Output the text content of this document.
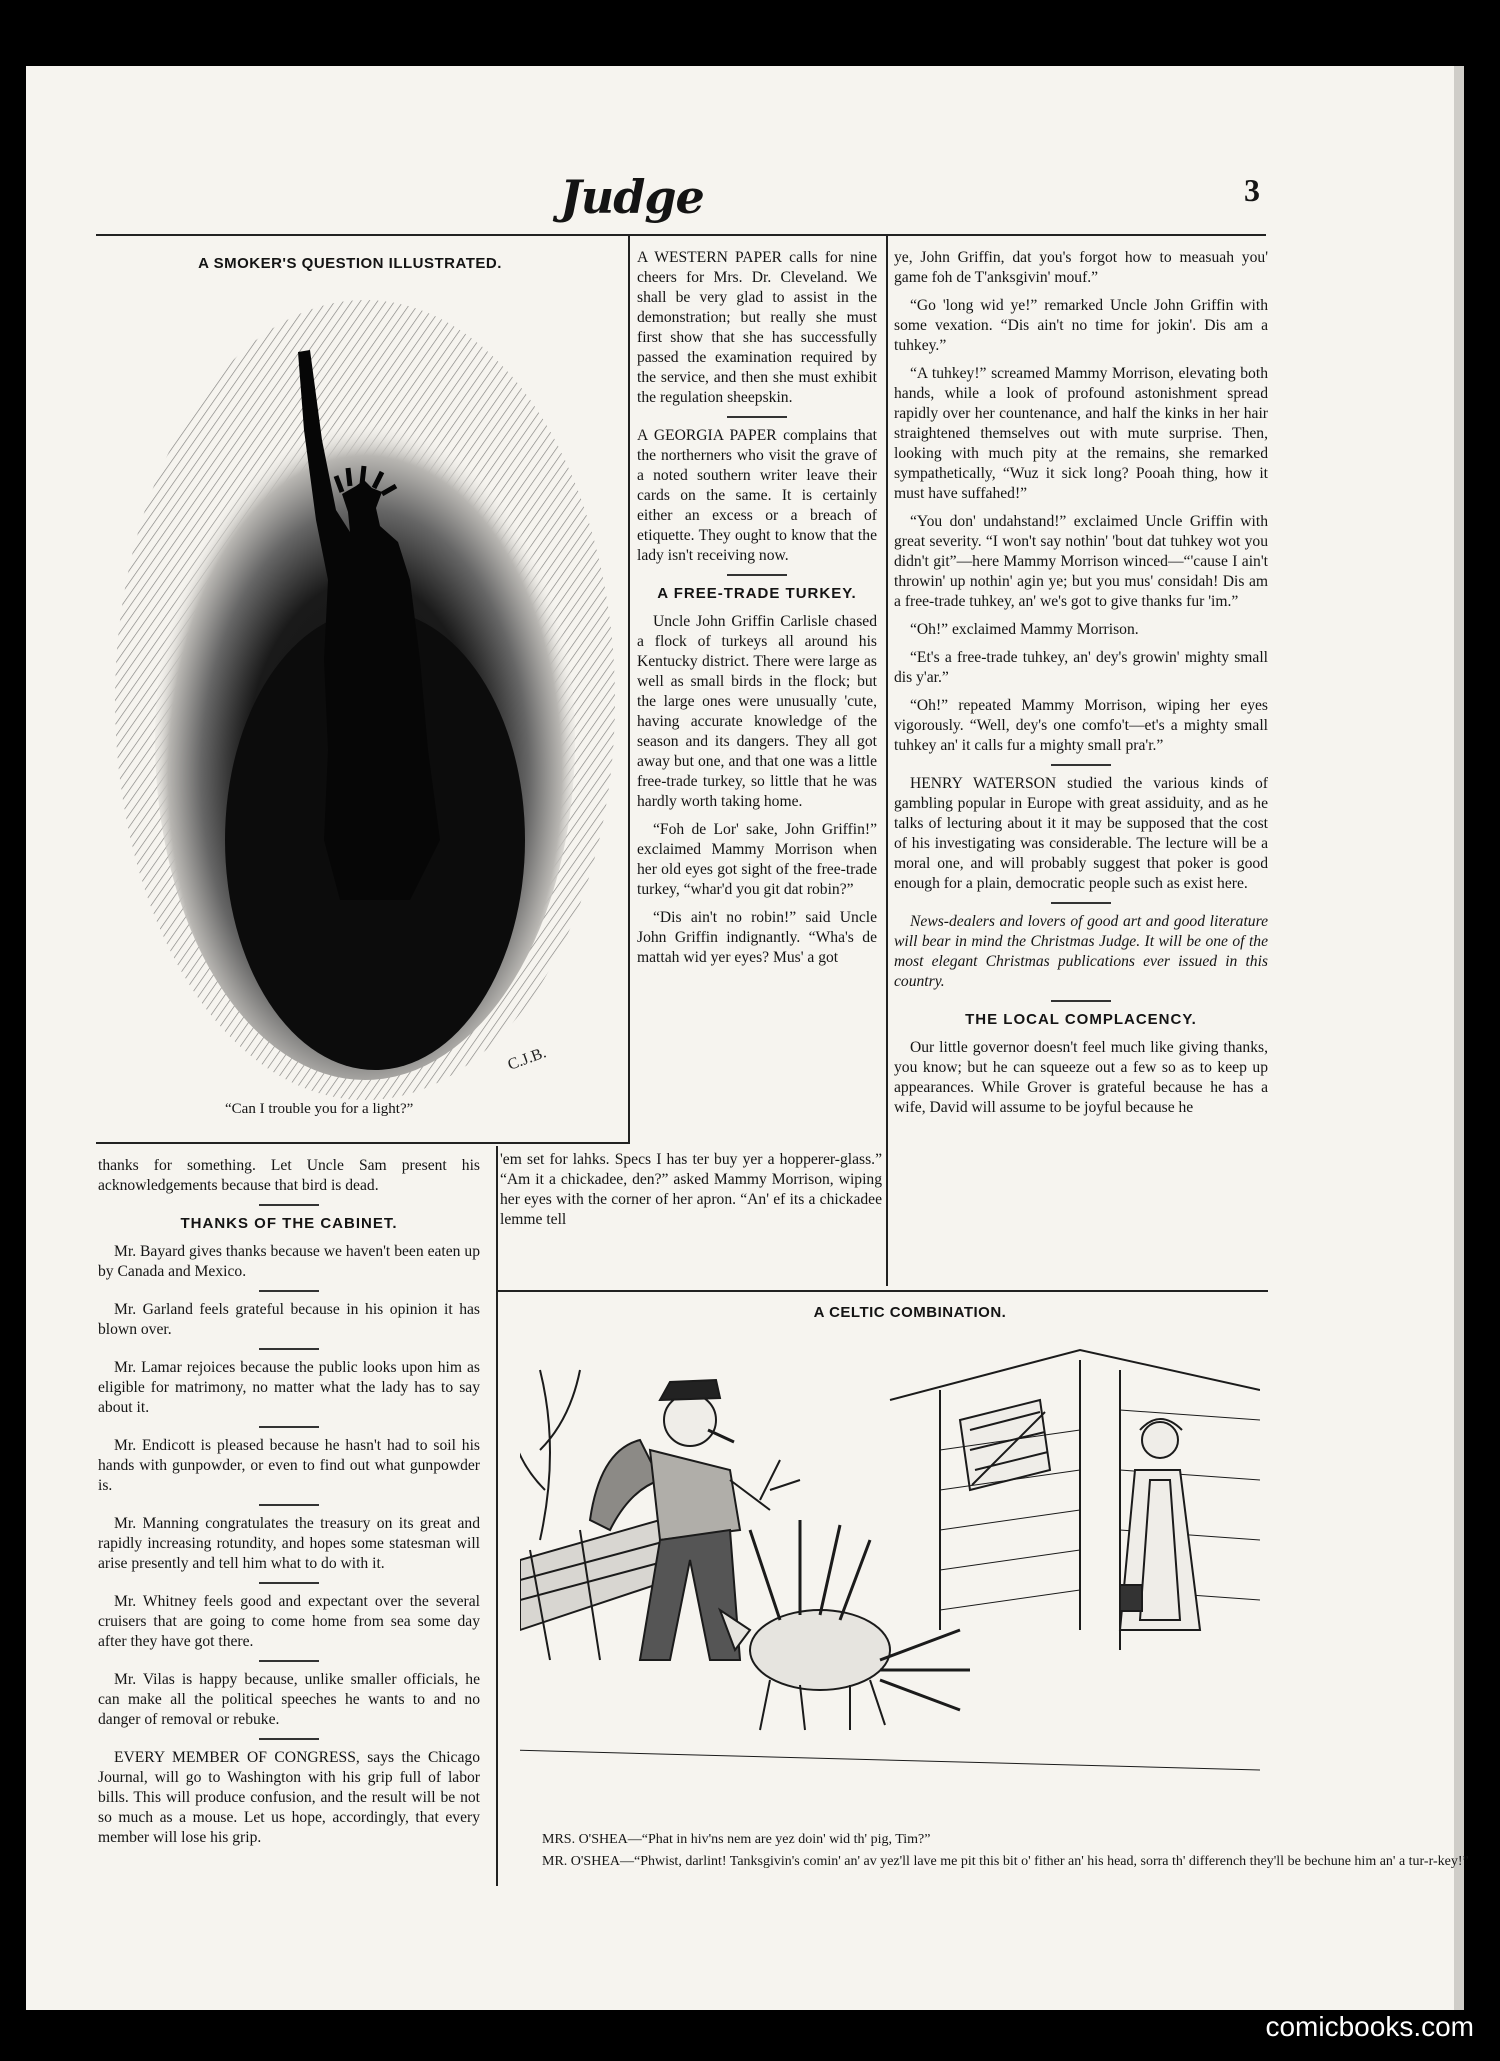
Judge	3
A SMOKER'S QUESTION ILLUSTRATED.
C.J.B.
“Can I trouble you for a light?”

A WESTERN PAPER calls for nine cheers for Mrs. Dr. Cleveland. We shall be very glad to assist in the demonstration; but really she must first show that she has successfully passed the examination required by the service, and then she must exhibit the regulation sheepskin.

A GEORGIA PAPER complains that the northerners who visit the grave of a noted southern writer leave their cards on the same. It is certainly either an excess or a breach of etiquette. They ought to know that the lady isn't receiving now.

A FREE-TRADE TURKEY.

Uncle John Griffin Carlisle chased a flock of turkeys all around his Kentucky district. There were large as well as small birds in the flock; but the large ones were unusually 'cute, having accurate knowledge of the season and its dangers. They all got away but one, and that one was a little free-trade turkey, so little that he was hardly worth taking home.

“Foh de Lor' sake, John Griffin!” exclaimed Mammy Morrison when her old eyes got sight of the free-trade turkey, “whar'd you git dat robin?”

“Dis ain't no robin!” said Uncle John Griffin indignantly. “Wha's de mattah wid yer eyes? Mus' a got

ye, John Griffin, dat you's forgot how to measuah you' game foh de T'anksgivin' mouf.”

“Go 'long wid ye!” remarked Uncle John Griffin with some vexation. “Dis ain't no time for jokin'. Dis am a tuhkey.”

“A tuhkey!” screamed Mammy Morrison, elevating both hands, while a look of profound astonishment spread rapidly over her countenance, and half the kinks in her hair straightened themselves out with mute surprise. Then, looking with much pity at the remains, she remarked sympathetically, “Wuz it sick long? Pooah thing, how it must have suffahed!”

“You don' undahstand!” exclaimed Uncle Griffin with great severity. “I won't say nothin' 'bout dat tuhkey wot you didn't git”—here Mammy Morrison winced—“'cause I ain't throwin' up nothin' agin ye; but you mus' considah! Dis am a free-trade tuhkey, an' we's got to give thanks fur 'im.”

“Oh!” exclaimed Mammy Morrison.

“Et's a free-trade tuhkey, an' dey's growin' mighty small dis y'ar.”

“Oh!” repeated Mammy Morrison, wiping her eyes vigorously. “Well, dey's one comfo't—et's a mighty small tuhkey an' it calls fur a mighty small pra'r.”

HENRY WATERSON studied the various kinds of gambling popular in Europe with great assiduity, and as he talks of lecturing about it it may be supposed that the cost of his investigating was considerable. The lecture will be a moral one, and will probably suggest that poker is good enough for a plain, democratic people such as exist here.

News-dealers and lovers of good art and good literature will bear in mind the Christmas Judge. It will be one of the most elegant Christmas publications ever issued in this country.

THE LOCAL COMPLACENCY.

Our little governor doesn't feel much like giving thanks, you know; but he can squeeze out a few so as to keep up appearances. While Grover is grateful because he has a wife, David will assume to be joyful because he

thanks for something. Let Uncle Sam present his acknowledgements because that bird is dead.

THANKS OF THE CABINET.

Mr. Bayard gives thanks because we haven't been eaten up by Canada and Mexico.

Mr. Garland feels grateful because in his opinion it has blown over.

Mr. Lamar rejoices because the public looks upon him as eligible for matrimony, no matter what the lady has to say about it.

Mr. Endicott is pleased because he hasn't had to soil his hands with gunpowder, or even to find out what gunpowder is.

Mr. Manning congratulates the treasury on its great and rapidly increasing rotundity, and hopes some statesman will arise presently and tell him what to do with it.

Mr. Whitney feels good and expectant over the several cruisers that are going to come home from sea some day after they have got there.

Mr. Vilas is happy because, unlike smaller officials, he can make all the political speeches he wants to and no danger of removal or rebuke.

EVERY MEMBER OF CONGRESS, says the Chicago Journal, will go to Washington with his grip full of labor bills. This will produce confusion, and the result will be not so much as a mouse. Let us hope, accordingly, that every member will lose his grip.

'em set for lahks. Specs I has ter buy yer a hopperer-glass.” “Am it a chickadee, den?” asked Mammy Morrison, wiping her eyes with the corner of her apron. “An' ef its a chickadee lemme tell

A CELTIC COMBINATION.
MRS. O'SHEA—“Phat in hiv'ns nem are yez doin' wid th' pig, Tim?”
MR. O'SHEA—“Phwist, darlint! Tanksgivin's comin' an' av yez'll lave me pit this bit o' fither an' his head, sorra th' differench they'll be bechune him an' a tur-r-key!”
comicbooks.com
